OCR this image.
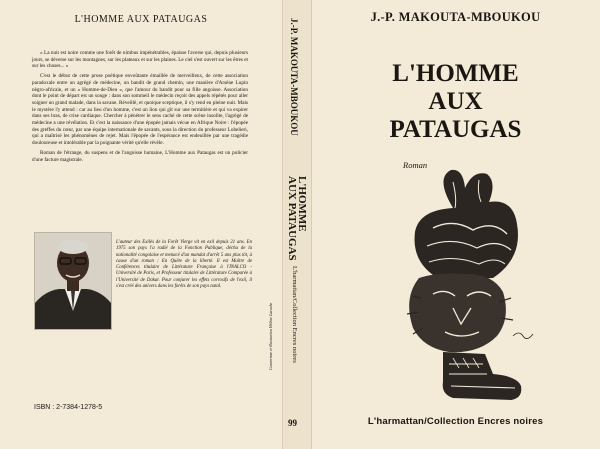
L'HOMME AUX PATAUGAS

« La nuit est noire comme une forêt de nimbus impénétrables, épaisse l'averse qui, depuis plusieurs jours, se déverse sur les montagnes, sur les plateaux et sur les plaines. Le ciel s'est ouvert sur les êtres et sur les choses... »

C'est le début de cette prose poétique envoûtante émaillée de merveilleux, de cette association paradoxale entre un agrégé de médecine, un bandit de grand chemin, une manière d'Arsène Lupin nègro-africain, et un « Homme-de-Dieu », que l'amour du bandit pour sa fille angoisse. Association dont le point de départ est un songe : dans son sommeil le médecin reçoit des appels répétés pour aller soigner un grand malade, dans la savane. Réveillé, et quoique sceptique, il s'y rend en pleine nuit. Mais le mystère l'y attend : car au lieu d'un homme, c'est un lion qui gît sur une termitière et qui va expirer dans ses bras, de crise cardiaque. Chercher à pénétrer le sens caché de cette scène insolite, l'agrégé de médecine a une révélation. Et c'est la naissance d'une épopée jamais vécue en Afrique Noire : l'épopée des greffes du cœur, par une équipe internationale de savants, sous la direction du professeur Lobelieri, qui a maîtrisé les phénomènes de rejet. Mais l'épopée de l'espérance est endeuillée par une tragédie douloureuse et intolérable par la poignante vérité qu'elle révèle.

Roman de l'étrange, du suspens et de l'angoisse humaine, L'Homme aux Pataugas est un policier d'une facture magistrale.

L'auteur des Exilés de la Forêt Vierge vit en exil depuis 21 ans. En 1975 son pays l'a radié de la Fonction Publique, déchu de la nationalité congolaise et menacé d'un mandat d'arrêt 5 ans plus tôt, à cause d'un roman : En Quête de la liberté. Il est Maître de Conférences titulaire de Littérature Française à l'INALCO - Université de Paris, et Professeur titulaire de Littérature Comparée à l'Université de Dakar. Pour conjurer les effets corrosifs de l'exil, il s'est créé des univers dans les forêts de son pays natal.
ISBN : 2-7384-1278-5
Couverture et illustration Hélène Laroche
J.-P. MAKOUTA-MBOUKOU
L'HOMME
AUX PATAUGAS
L'harmattan/Collection Encres noires
99
J.-P. MAKOUTA-MBOUKOU
L'HOMME
AUX
PATAUGAS
Roman
L'harmattan/Collection Encres noires
